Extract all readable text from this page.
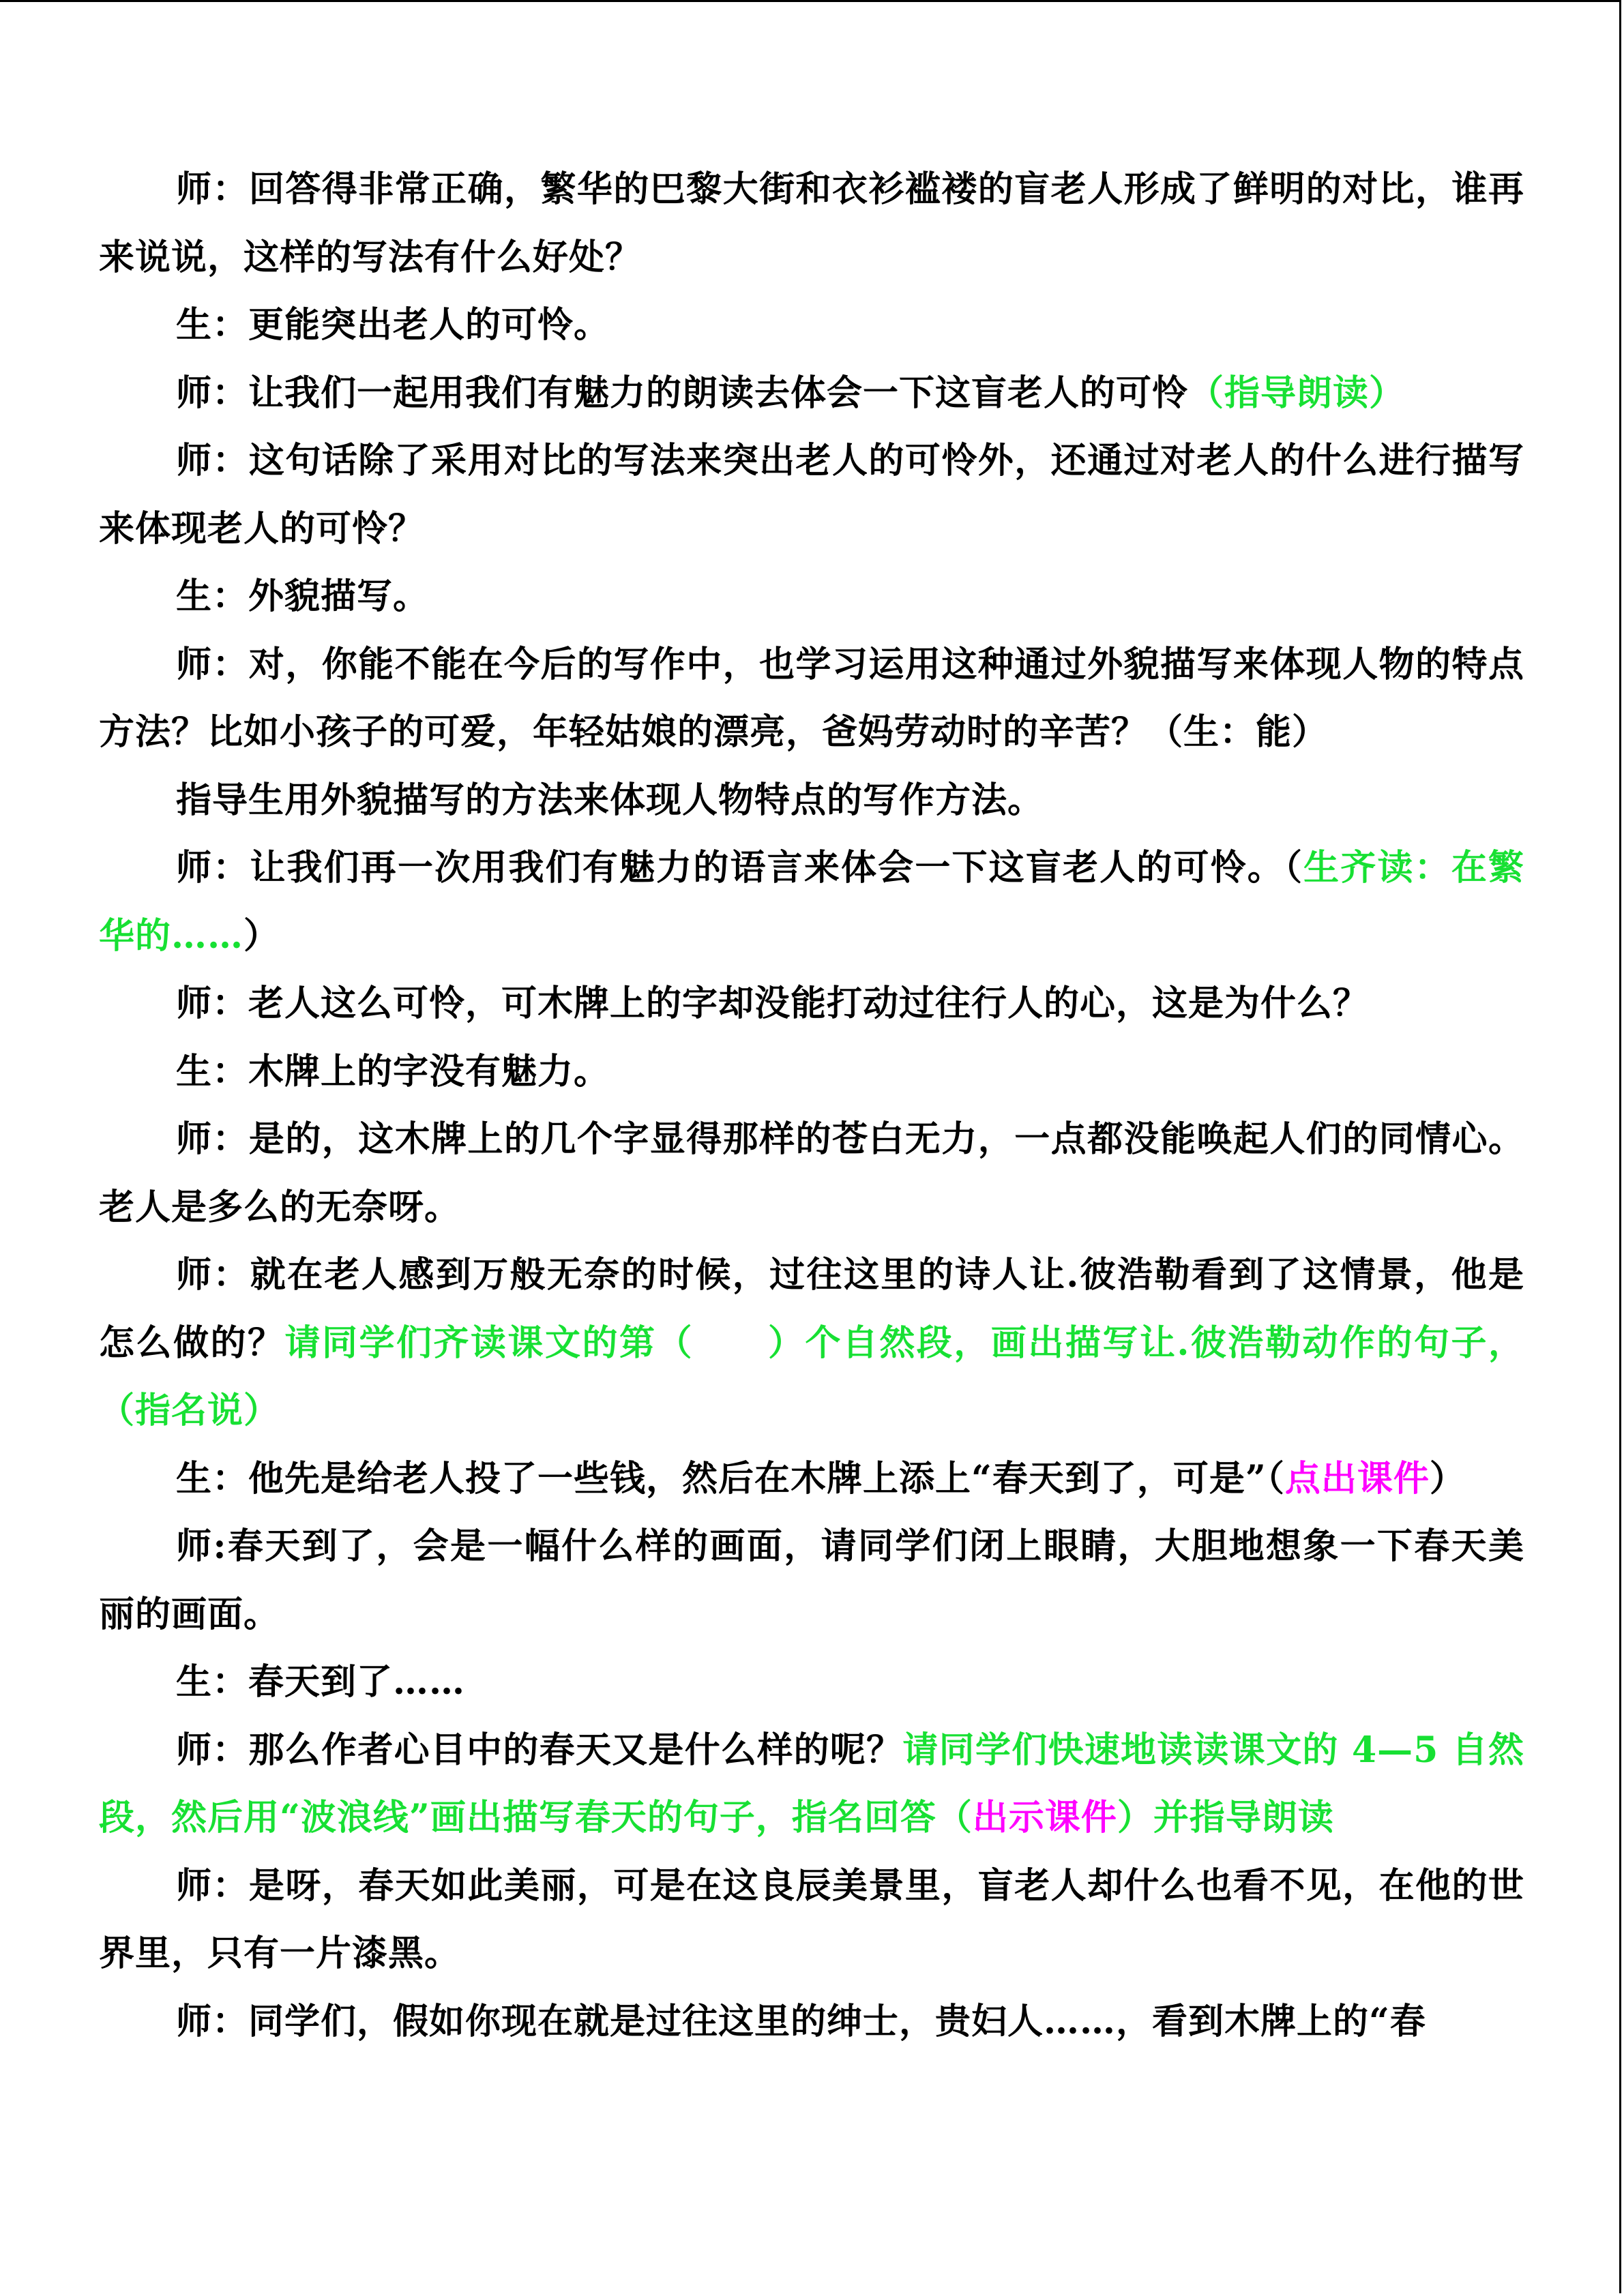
师：回答得非常正确，繁华的巴黎大街和衣衫褴褛的盲老人形成了鲜明的对比，谁再来说说，这样的写法有什么好处？

生：更能突出老人的可怜。

师：让我们一起用我们有魅力的朗读去体会一下这盲老人的可怜（指导朗读）

师：这句话除了采用对比的写法来突出老人的可怜外，还通过对老人的什么进行描写来体现老人的可怜？

生：外貌描写。

师：对，你能不能在今后的写作中，也学习运用这种通过外貌描写来体现人物的特点方法？比如小孩子的可爱，年轻姑娘的漂亮，爸妈劳动时的辛苦？（生：能）

指导生用外貌描写的方法来体现人物特点的写作方法。

师：让我们再一次用我们有魅力的语言来体会一下这盲老人的可怜。（生齐读：在繁华的……）

师：老人这么可怜，可木牌上的字却没能打动过往行人的心，这是为什么？

生：木牌上的字没有魅力。

师：是的，这木牌上的几个字显得那样的苍白无力，一点都没能唤起人们的同情心。老人是多么的无奈呀。

师：就在老人感到万般无奈的时候，过往这里的诗人让.彼浩勒看到了这情景，他是怎么做的？请同学们齐读课文的第（　　）个自然段，画出描写让.彼浩勒动作的句子，（指名说）

生：他先是给老人投了一些钱，然后在木牌上添上“春天到了，可是”（点出课件）

师:春天到了，会是一幅什么样的画面，请同学们闭上眼睛，大胆地想象一下春天美丽的画面。

生：春天到了……

师：那么作者心目中的春天又是什么样的呢？请同学们快速地读读课文的 4—5 自然段，然后用“波浪线”画出描写春天的句子，指名回答（出示课件）并指导朗读

师：是呀，春天如此美丽，可是在这良辰美景里，盲老人却什么也看不见，在他的世界里，只有一片漆黑。

师：同学们，假如你现在就是过往这里的绅士，贵妇人……，看到木牌上的“春
